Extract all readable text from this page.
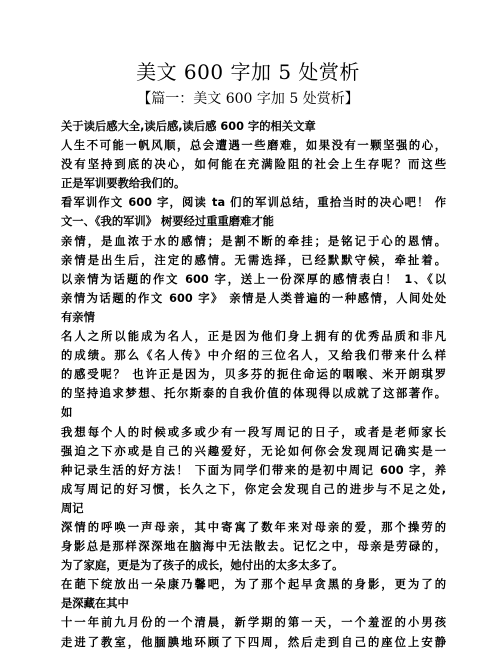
美文 600 字加 5 处赏析
【篇一：美文 600 字加 5 处赏析】
关于读后感大全,读后感,读后感 600 字的相关文章
人生不可能一帆风顺，总会遭遇一些磨难，如果没有一颗坚强的心，
没有坚持到底的决心，如何能在充满险阻的社会上生存呢？而这些
正是军训要教给我们的。
看军训作文 600 字，阅读 ta 们的军训总结，重拾当时的决心吧！ 作
文一、《我的军训》 树要经过重重磨难才能
亲情，是血浓于水的感情；是割不断的牵挂；是铭记于心的恩情。
亲情是出生后，注定的感情。无需选择，已经默默守候，牵扯着。
以亲情为话题的作文 600 字，送上一份深厚的感情表白！ 1、《以
亲情为话题的作文 600 字》 亲情是人类普遍的一种感情，人间处处
有亲情
名人之所以能成为名人，正是因为他们身上拥有的优秀品质和非凡
的成绩。那么《名人传》中介绍的三位名人，又给我们带来什么样
的感受呢？ 也许正是因为，贝多芬的扼住命运的咽喉、米开朗琪罗
的坚持追求梦想、托尔斯泰的自我价值的体现得以成就了这部著作。
如
我想每个人的时候或多或少有一段写周记的日子，或者是老师家长
强迫之下亦或是自己的兴趣爱好，无论如何你会发现周记确实是一
种记录生活的好方法！ 下面为同学们带来的是初中周记 600 字，养
成写周记的好习惯，长久之下，你定会发现自己的进步与不足之处,
周记
深情的呼唤一声母亲，其中寄寓了数年来对母亲的爱，那个操劳的
身影总是那样深深地在脑海中无法散去。记忆之中，母亲是劳碌的，
为了家庭，更是为了孩子的成长，她付出的太多太多了。
在葩下绽放出一朵康乃馨吧，为了那个起早贪黑的身影，更为了的
是深藏在其中
十一年前九月份的一个清晨，新学期的第一天，一个羞涩的小男孩
走进了教室，他腼腆地环顾了下四周，然后走到自己的座位上安静
